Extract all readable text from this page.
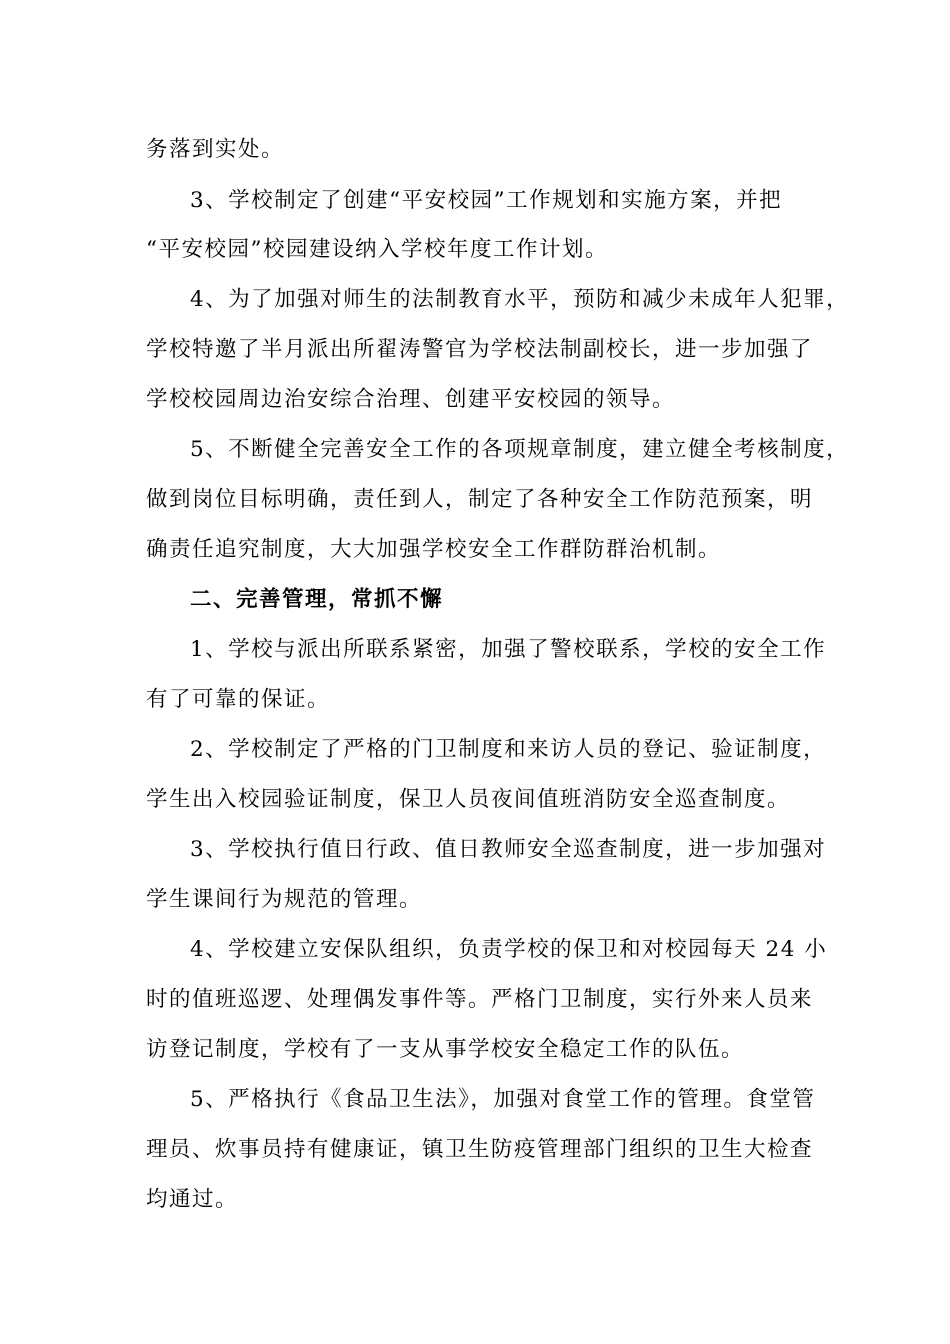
务落到实处。
3、学校制定了创建“平安校园”工作规划和实施方案，并把
“平安校园”校园建设纳入学校年度工作计划。
4、为了加强对师生的法制教育水平，预防和减少未成年人犯罪，
学校特邀了半月派出所翟涛警官为学校法制副校长，进一步加强了
学校校园周边治安综合治理、创建平安校园的领导。
5、不断健全完善安全工作的各项规章制度，建立健全考核制度，
做到岗位目标明确，责任到人，制定了各种安全工作防范预案，明
确责任追究制度，大大加强学校安全工作群防群治机制。
二、完善管理，常抓不懈
1、学校与派出所联系紧密，加强了警校联系，学校的安全工作
有了可靠的保证。
2、学校制定了严格的门卫制度和来访人员的登记、验证制度，
学生出入校园验证制度，保卫人员夜间值班消防安全巡查制度。
3、学校执行值日行政、值日教师安全巡查制度，进一步加强对
学生课间行为规范的管理。
4、学校建立安保队组织，负责学校的保卫和对校园每天 24 小
时的值班巡逻、处理偶发事件等。严格门卫制度，实行外来人员来
访登记制度，学校有了一支从事学校安全稳定工作的队伍。
5、严格执行《食品卫生法》，加强对食堂工作的管理。食堂管
理员、炊事员持有健康证，镇卫生防疫管理部门组织的卫生大检查
均通过。
